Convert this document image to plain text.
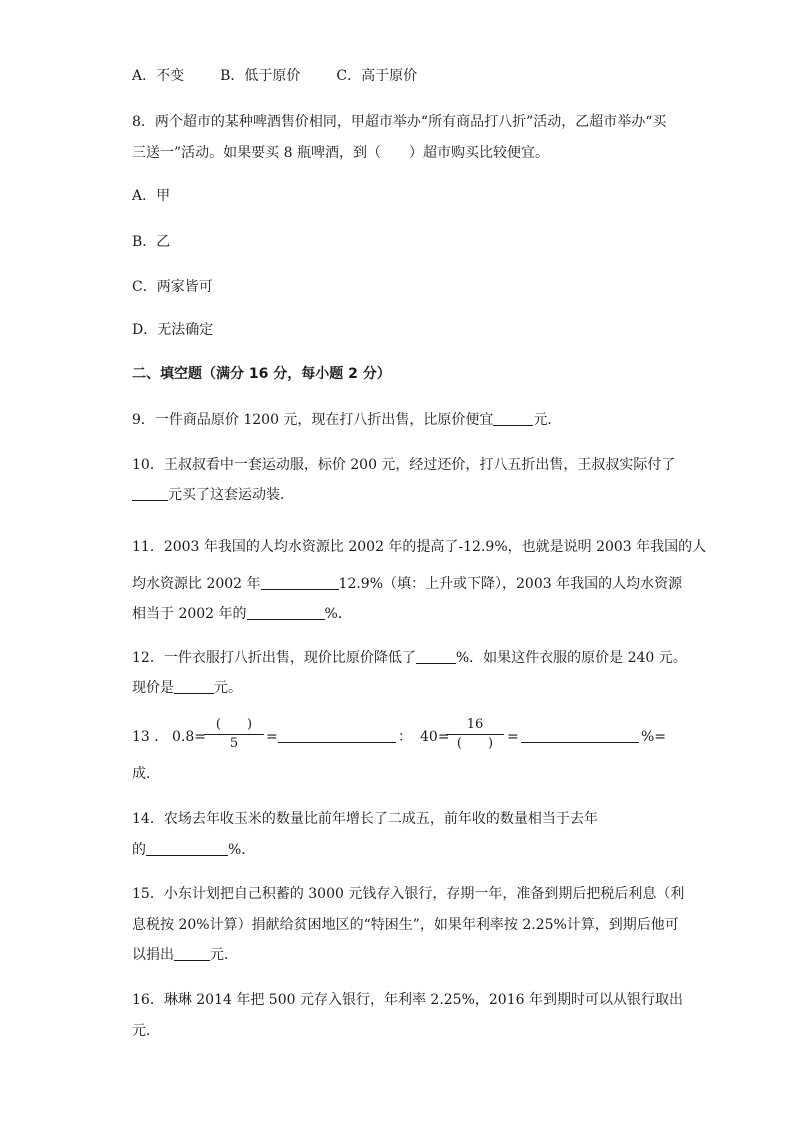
A．不变	B．低于原价	C．高于原价
8．两个超市的某种啤酒售价相同，甲超市举办“所有商品打八折”活动，乙超市举办“买
三送一”活动。如果要买 8 瓶啤酒，到（　　）超市购买比较便宜。
A．甲
B．乙
C．两家皆可
D．无法确定
二、填空题（满分 16 分，每小题 2 分）
9．一件商品原价 1200 元，现在打八折出售，比原价便宜	元．
10．王叔叔看中一套运动服，标价 200 元，经过还价，打八五折出售，王叔叔实际付了
元买了这套运动装．
11．2003 年我国的人均水资源比 2002 年的提高了-12.9%，也就是说明 2003 年我国的人
均水资源比 2002 年	12.9%（填：上升或下降），2003 年我国的人均水资源
相当于 2002 年的	%．
12．一件衣服打八折出售，现价比原价降低了	%．如果这件衣服的原价是 240 元。
现价是	元。
13 ． 0.8=
(　　)
5	=	： 40=
16
(　　) =	%=
成．
14．农场去年收玉米的数量比前年增长了二成五，前年收的数量相当于去年
的	%．
15．小东计划把自己积蓄的 3000 元钱存入银行，存期一年，准备到期后把税后利息（利
息税按 20%计算）捐献给贫困地区的“特困生”，如果年利率按 2.25%计算，到期后他可
以捐出	元．
16．琳琳 2014 年把 500 元存入银行，年利率 2.25%，2016 年到期时可以从银行取出
元．
